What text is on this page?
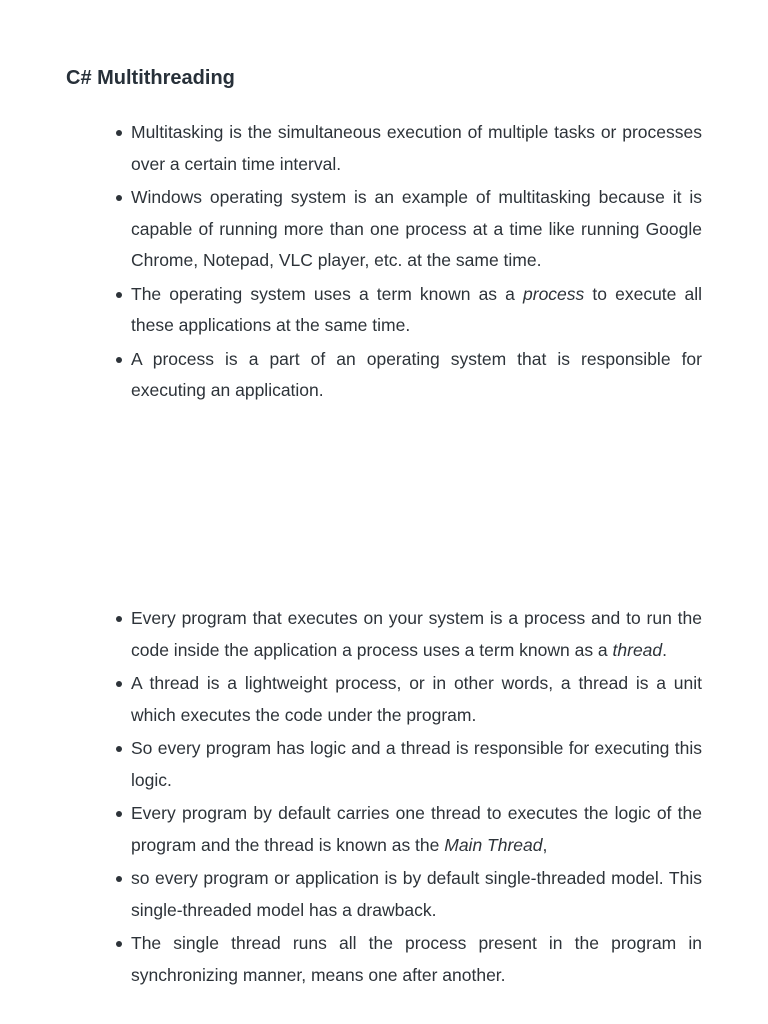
C# Multithreading
Multitasking is the simultaneous execution of multiple tasks or processes over a certain time interval.
Windows operating system is an example of multitasking because it is capable of running more than one process at a time like running Google Chrome, Notepad, VLC player, etc. at the same time.
The operating system uses a term known as a process to execute all these applications at the same time.
A process is a part of an operating system that is responsible for executing an application.
Every program that executes on your system is a process and to run the code inside the application a process uses a term known as a thread.
A thread is a lightweight process, or in other words, a thread is a unit which executes the code under the program.
So every program has logic and a thread is responsible for executing this logic.
Every program by default carries one thread to executes the logic of the program and the thread is known as the Main Thread,
so every program or application is by default single-threaded model. This single-threaded model has a drawback.
The single thread runs all the process present in the program in synchronizing manner, means one after another.
